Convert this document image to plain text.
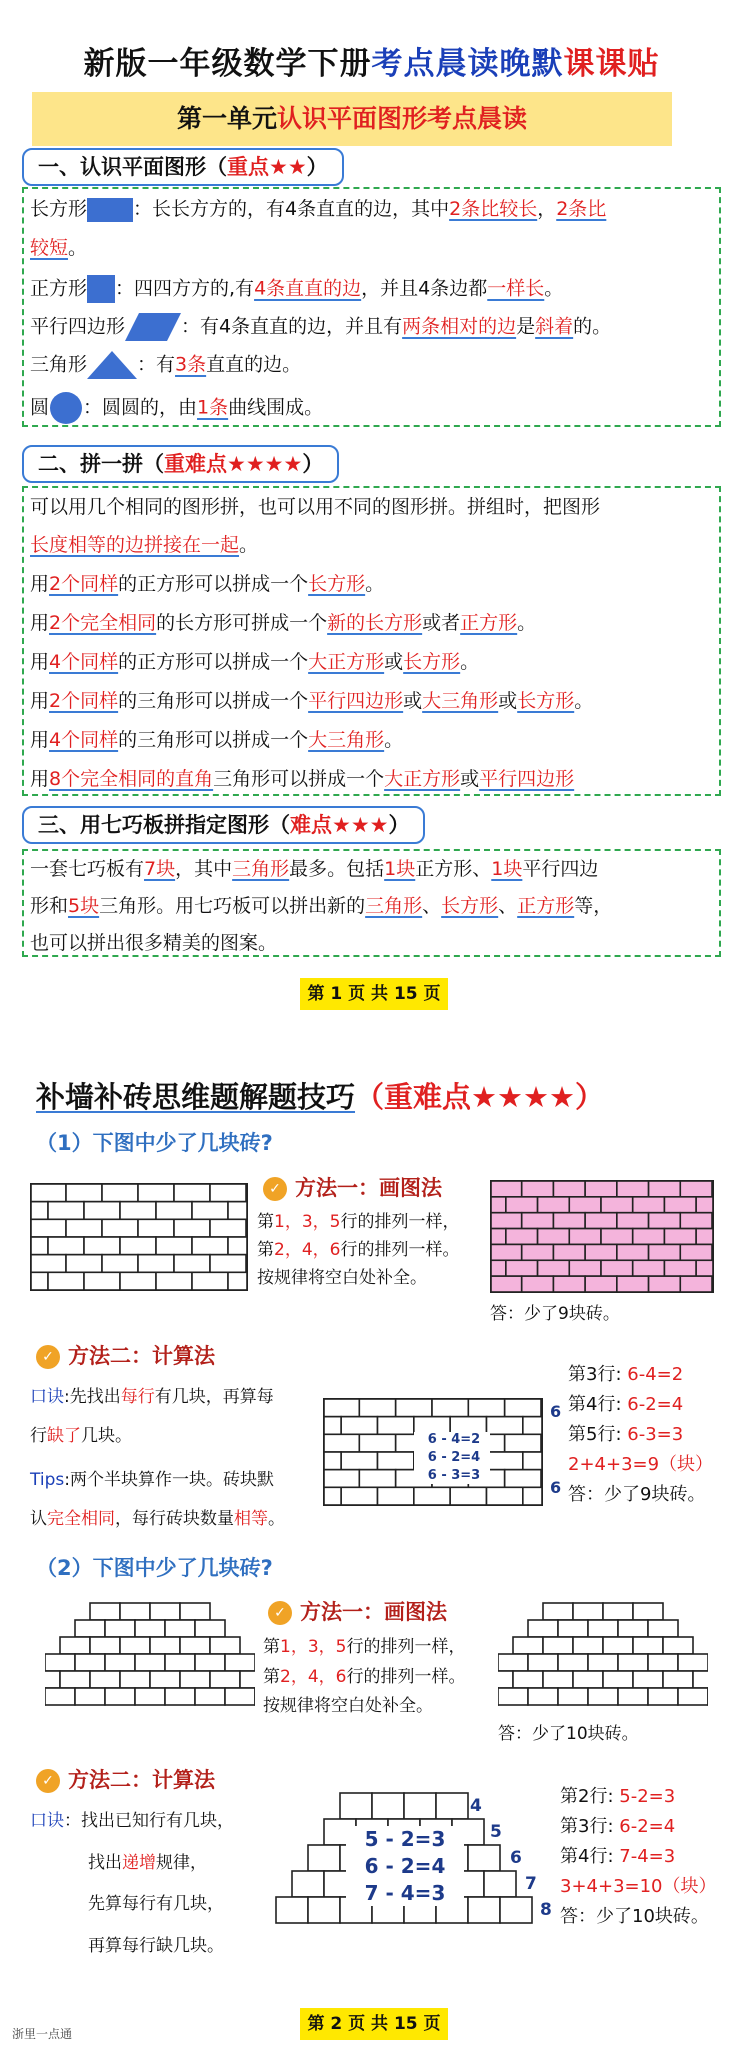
新版一年级数学下册考点晨读晚默课课贴
第一单元认识平面图形考点晨读
一、认识平面图形（重点★★）
长方形 ：长长方方的，有4条直直的边，其中2条比较长，2条比
较短。
正方形 ：四四方方的,有4条直直的边，并且4条边都一样长。
平行四边形	：有4条直直的边，并且有两条相对的边是斜着的。
三角形	：有3条直直的边。
圆 ：圆圆的，由1条曲线围成。
二、拼一拼（重难点★★★★）
可以用几个相同的图形拼，也可以用不同的图形拼。拼组时，把图形
长度相等的边拼接在一起。
用2个同样的正方形可以拼成一个长方形。
用2个完全相同的长方形可拼成一个新的长方形或者正方形。
用4个同样的正方形可以拼成一个大正方形或长方形。
用2个同样的三角形可以拼成一个平行四边形或大三角形或长方形。
用4个同样的三角形可以拼成一个大三角形。
用8个完全相同的直角三角形可以拼成一个大正方形或平行四边形
三、用七巧板拼指定图形（难点★★★）
一套七巧板有7块，其中三角形最多。包括1块正方形、1块平行四边
形和5块三角形。用七巧板可以拼出新的三角形、长方形、正方形等，
也可以拼出很多精美的图案。
第 1 页 共 15 页
补墙补砖思维题解题技巧（重难点★★★★）
（1）下图中少了几块砖?
✓ 方法一：画图法
第1，3，5行的排列一样，
第2，4，6行的排列一样。
按规律将空白处补全。
答：少了9块砖。
✓ 方法二：计算法
口诀:先找出每行有几块，再算每
行缺了几块。
Tips:两个半块算作一块。砖块默
认完全相同，每行砖块数量相等。
6 - 4=2
6 - 2=4
6 - 3=3
6
6
第3行: 6-4=2
第4行: 6-2=4
第5行: 6-3=3
2+4+3=9（块）
答：少了9块砖。
（2）下图中少了几块砖?
✓ 方法一：画图法
第1，3，5行的排列一样，
第2，4，6行的排列一样。
按规律将空白处补全。
答：少了10块砖。
✓ 方法二：计算法
口诀：找出已知行有几块，
找出递增规律，
先算每行有几块，
再算每行缺几块。
5 - 2=3
6 - 2=4
7 - 4=3
4
5
6
7
8
第2行: 5-2=3
第3行: 6-2=4
第4行: 7-4=3
3+4+3=10（块）
答：少了10块砖。
第 2 页 共 15 页
浙里一点通
